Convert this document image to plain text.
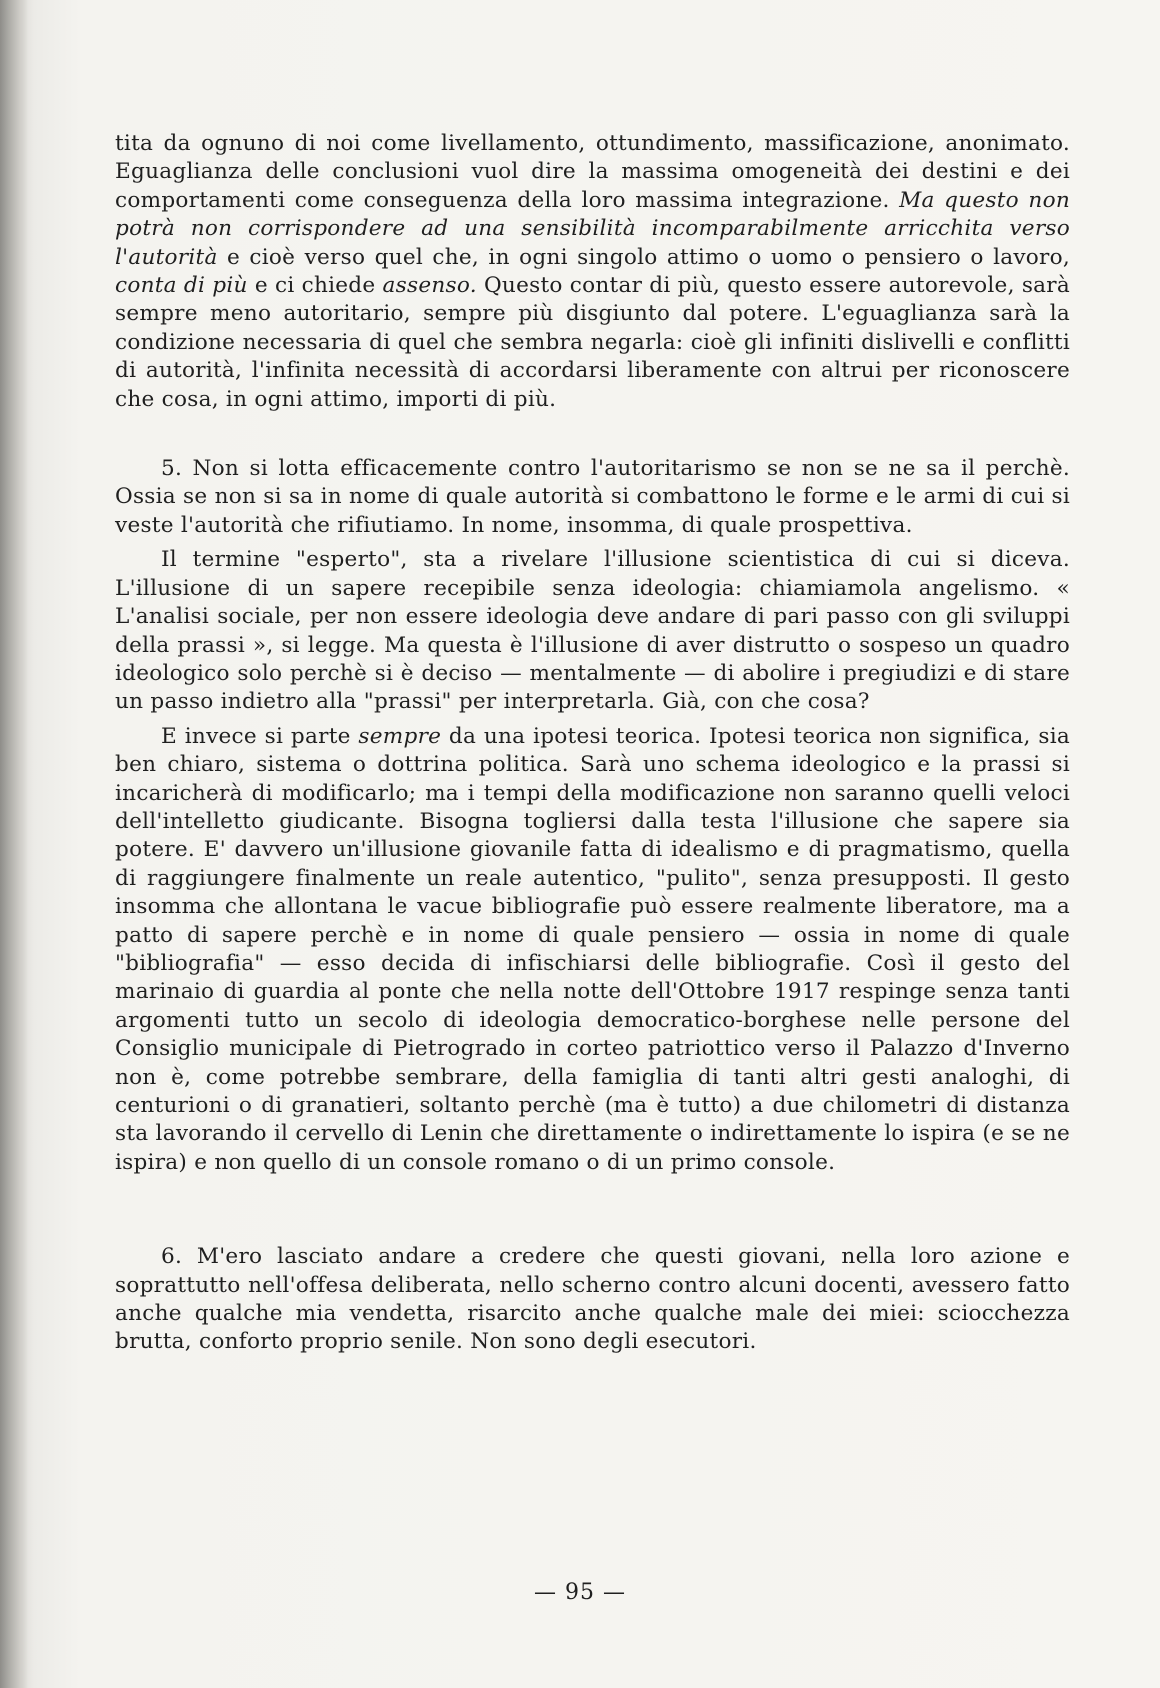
tita da ognuno di noi come livellamento, ottundimento, massificazione, anonimato. Eguaglianza delle conclusioni vuol dire la massima omogeneità dei destini e dei comportamenti come conseguenza della loro massima integrazione. Ma questo non potrà non corrispondere ad una sensibilità incomparabilmente arricchita verso l'autorità e cioè verso quel che, in ogni singolo attimo o uomo o pensiero o lavoro, conta di più e ci chiede assenso. Questo contar di più, questo essere autorevole, sarà sempre meno autoritario, sempre più disgiunto dal potere. L'eguaglianza sarà la condizione necessaria di quel che sembra negarla: cioè gli infiniti dislivelli e conflitti di autorità, l'infinita necessità di accordarsi liberamente con altrui per riconoscere che cosa, in ogni attimo, importi di più.

5. Non si lotta efficacemente contro l'autoritarismo se non se ne sa il perchè. Ossia se non si sa in nome di quale autorità si combattono le forme e le armi di cui si veste l'autorità che rifiutiamo. In nome, insomma, di quale prospettiva.

Il termine "esperto", sta a rivelare l'illusione scientistica di cui si diceva. L'illusione di un sapere recepibile senza ideologia: chiamiamola angelismo. « L'analisi sociale, per non essere ideologia deve andare di pari passo con gli sviluppi della prassi », si legge. Ma questa è l'illusione di aver distrutto o sospeso un quadro ideologico solo perchè si è deciso — mentalmente — di abolire i pregiudizi e di stare un passo indietro alla "prassi" per interpretarla. Già, con che cosa?

E invece si parte sempre da una ipotesi teorica. Ipotesi teorica non significa, sia ben chiaro, sistema o dottrina politica. Sarà uno schema ideologico e la prassi si incaricherà di modificarlo; ma i tempi della modificazione non saranno quelli veloci dell'intelletto giudicante. Bisogna togliersi dalla testa l'illusione che sapere sia potere. E' davvero un'illusione giovanile fatta di idealismo e di pragmatismo, quella di raggiungere finalmente un reale autentico, "pulito", senza presupposti. Il gesto insomma che allontana le vacue bibliografie può essere realmente liberatore, ma a patto di sapere perchè e in nome di quale pensiero — ossia in nome di quale "bibliografia" — esso decida di infischiarsi delle bibliografie. Così il gesto del marinaio di guardia al ponte che nella notte dell'Ottobre 1917 respinge senza tanti argomenti tutto un secolo di ideologia democratico-borghese nelle persone del Consiglio municipale di Pietrogrado in corteo patriottico verso il Palazzo d'Inverno non è, come potrebbe sembrare, della famiglia di tanti altri gesti analoghi, di centurioni o di granatieri, soltanto perchè (ma è tutto) a due chilometri di distanza sta lavorando il cervello di Lenin che direttamente o indirettamente lo ispira (e se ne ispira) e non quello di un console romano o di un primo console.

6. M'ero lasciato andare a credere che questi giovani, nella loro azione e soprattutto nell'offesa deliberata, nello scherno contro alcuni docenti, avessero fatto anche qualche mia vendetta, risarcito anche qualche male dei miei: sciocchezza brutta, conforto proprio senile. Non sono degli esecutori.

— 95 —
